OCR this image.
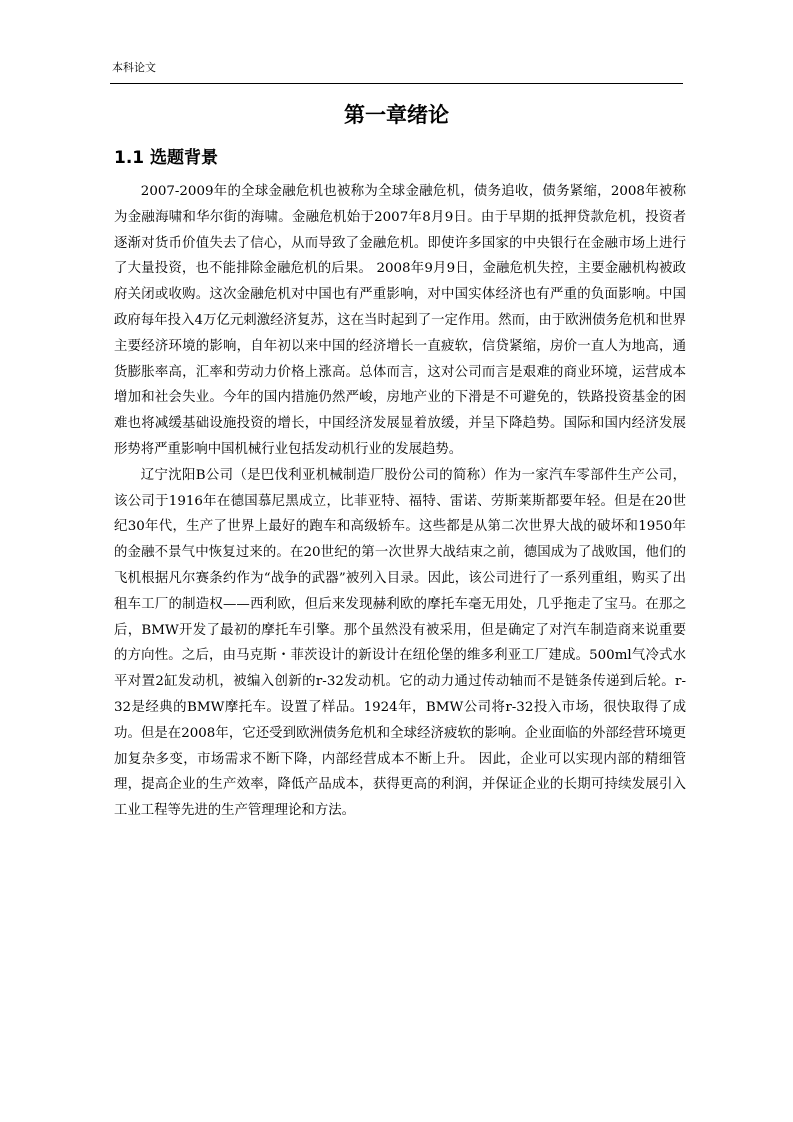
本科论文
第一章绪论
1.1 选题背景

2007-2009年的全球金融危机也被称为全球金融危机，债务追收，债务紧缩，2008年被称为金融海啸和华尔街的海啸。金融危机始于2007年8月9日。由于早期的抵押贷款危机，投资者逐渐对货币价值失去了信心，从而导致了金融危机。即使许多国家的中央银行在金融市场上进行了大量投资，也不能排除金融危机的后果。 2008年9月9日，金融危机失控，主要金融机构被政府关闭或收购。这次金融危机对中国也有严重影响，对中国实体经济也有严重的负面影响。中国政府每年投入4万亿元刺激经济复苏，这在当时起到了一定作用。然而，由于欧洲债务危机和世界主要经济环境的影响，自年初以来中国的经济增长一直疲软，信贷紧缩，房价一直人为地高，通货膨胀率高，汇率和劳动力价格上涨高。总体而言，这对公司而言是艰难的商业环境，运营成本增加和社会失业。今年的国内措施仍然严峻，房地产业的下滑是不可避免的，铁路投资基金的困难也将减缓基础设施投资的增长，中国经济发展显着放缓，并呈下降趋势。国际和国内经济发展形势将严重影响中国机械行业包括发动机行业的发展趋势。

辽宁沈阳B公司（是巴伐利亚机械制造厂股份公司的简称）作为一家汽车零部件生产公司，该公司于1916年在德国慕尼黑成立，比菲亚特、福特、雷诺、劳斯莱斯都要年轻。但是在20世纪30年代，生产了世界上最好的跑车和高级轿车。这些都是从第二次世界大战的破坏和1950年的金融不景气中恢复过来的。在20世纪的第一次世界大战结束之前，德国成为了战败国，他们的飞机根据凡尔赛条约作为“战争的武器”被列入目录。因此，该公司进行了一系列重组，购买了出租车工厂的制造权——西利欧，但后来发现赫利欧的摩托车毫无用处，几乎拖走了宝马。在那之后，BMW开发了最初的摩托车引擎。那个虽然没有被采用，但是确定了对汽车制造商来说重要的方向性。之后，由马克斯・菲茨设计的新设计在纽伦堡的维多利亚工厂建成。500ml气冷式水平对置2缸发动机，被编入创新的r-32发动机。它的动力通过传动轴而不是链条传递到后轮。r-32是经典的BMW摩托车。设置了样品。1924年，BMW公司将r-32投入市场，很快取得了成功。但是在2008年，它还受到欧洲债务危机和全球经济疲软的影响。企业面临的外部经营环境更加复杂多变，市场需求不断下降，内部经营成本不断上升。 因此，企业可以实现内部的精细管理，提高企业的生产效率，降低产品成本，获得更高的利润，并保证企业的长期可持续发展引入工业工程等先进的生产管理理论和方法。
